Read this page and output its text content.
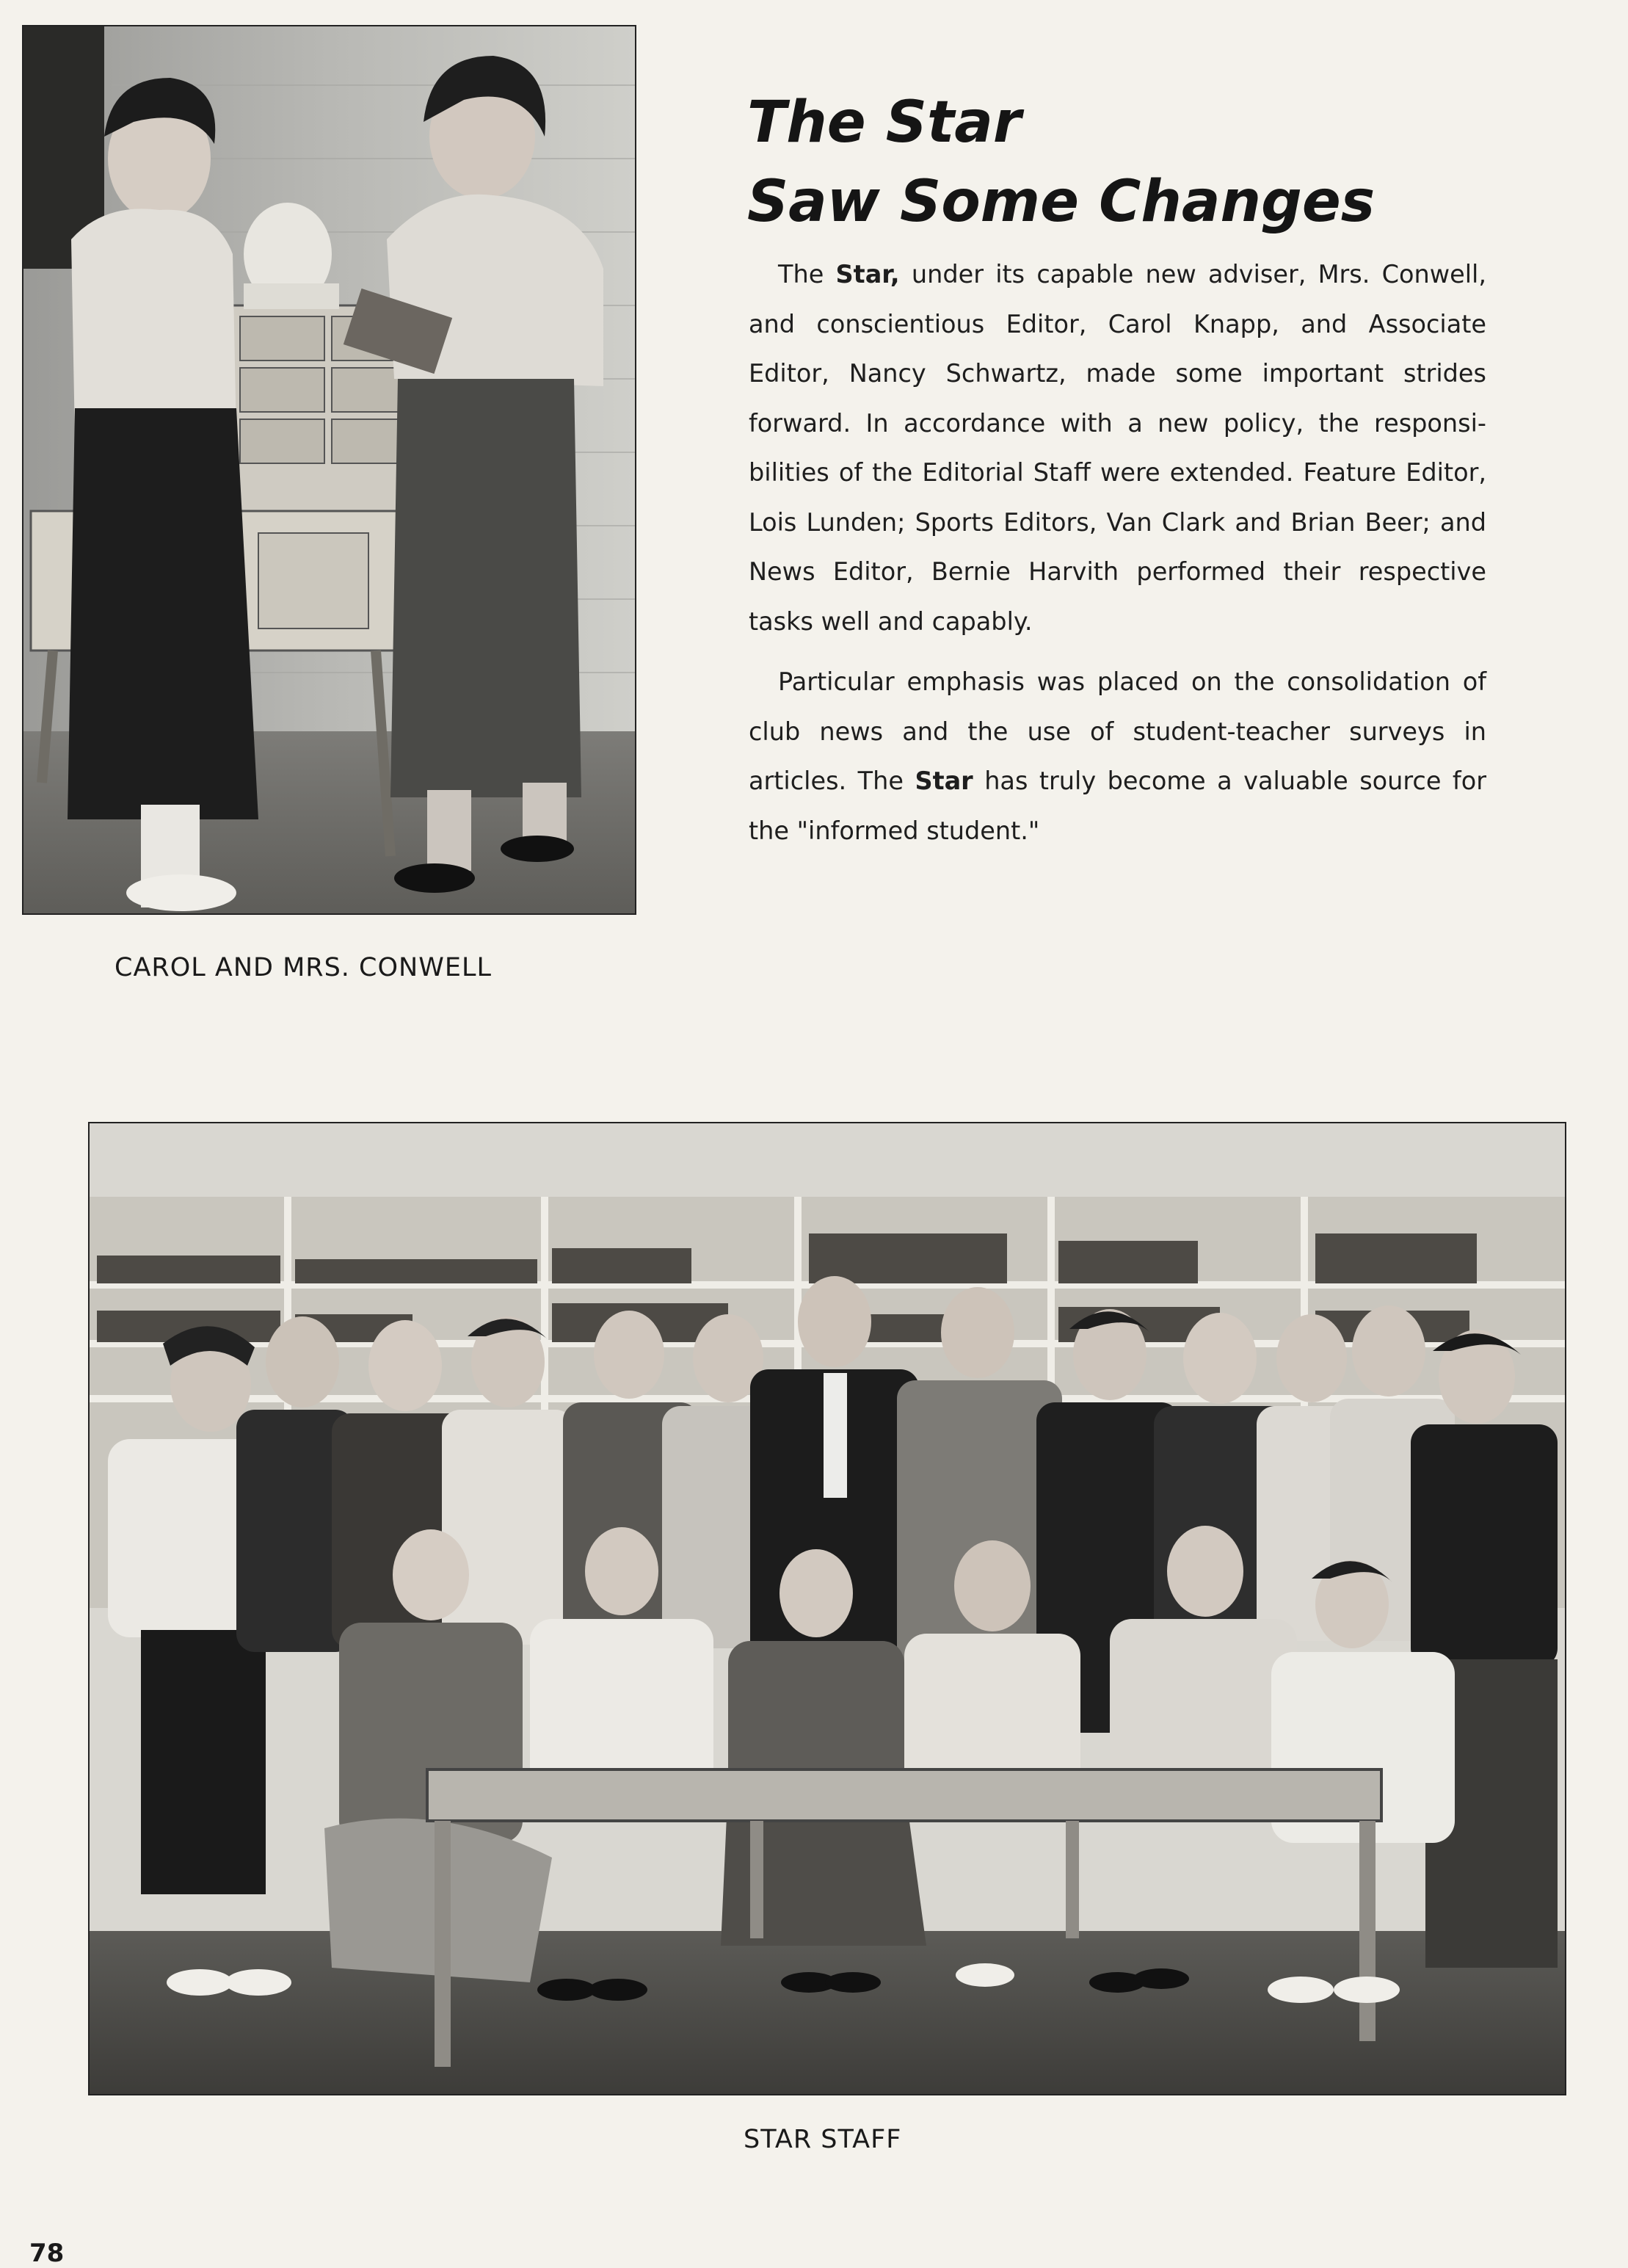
The Star
Saw Some Changes

The Star, under its capable new adviser, Mrs. Conwell, and conscientious Editor, Carol Knapp, and Associate Editor, Nancy Schwartz, made some important strides forward. In accordance with a new policy, the responsi-bilities of the Editorial Staff were extended. Feature Editor, Lois Lunden; Sports Editors, Van Clark and Brian Beer; and News Editor, Bernie Harvith performed their respective tasks well and capably.

Particular emphasis was placed on the consolidation of club news and the use of student-teacher surveys in articles. The Star has truly become a valuable source for the "informed student."

CAROL AND MRS. CONWELL

STAR STAFF

78
